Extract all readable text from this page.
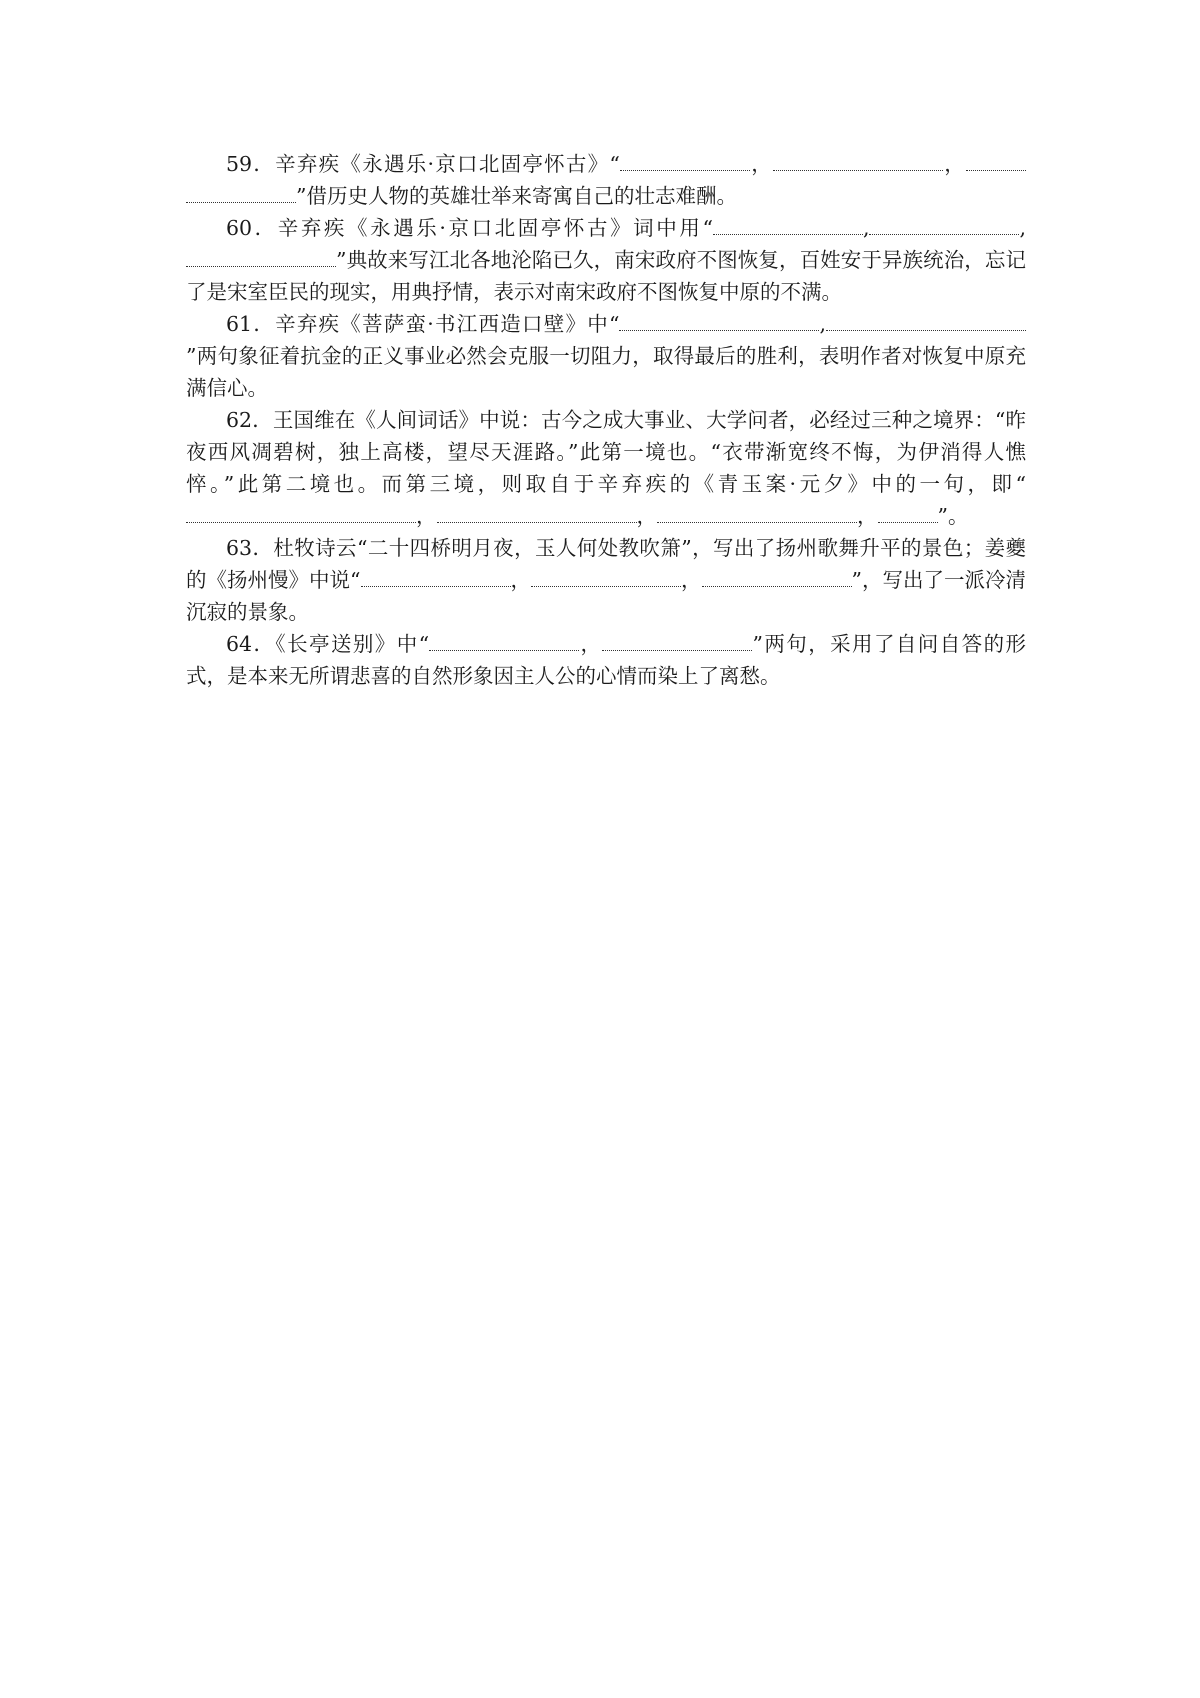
59．辛弃疾《永遇乐·京口北固亭怀古》“	，	，”借历史人物的英雄壮举来寄寓自己的壮志难酬。

60．辛弃疾《永遇乐·京口北固亭怀古》词中用“	,	,”典故来写江北各地沦陷已久，南宋政府不图恢复，百姓安于异族统治，忘记了是宋室臣民的现实，用典抒情，表示对南宋政府不图恢复中原的不满。

61．辛弃疾《菩萨蛮·书江西造口壁》中“	,”两句象征着抗金的正义事业必然会克服一切阻力，取得最后的胜利，表明作者对恢复中原充满信心。

62．王国维在《人间词话》中说：古今之成大事业、大学问者，必经过三种之境界：“昨夜西风凋碧树，独上高楼，望尽天涯路。”此第一境也。“衣带渐宽终不悔，为伊消得人憔悴。”此第二境也。而第三境，则取自于辛弃疾的《青玉案·元夕》中的一句，即“，	，	，	”。

63．杜牧诗云“二十四桥明月夜，玉人何处教吹箫”，写出了扬州歌舞升平的景色；姜夔的《扬州慢》中说“	，	，	”，写出了一派冷清沉寂的景象。

64．《长亭送别》中“	，	”两句，采用了自问自答的形式，是本来无所谓悲喜的自然形象因主人公的心情而染上了离愁。
